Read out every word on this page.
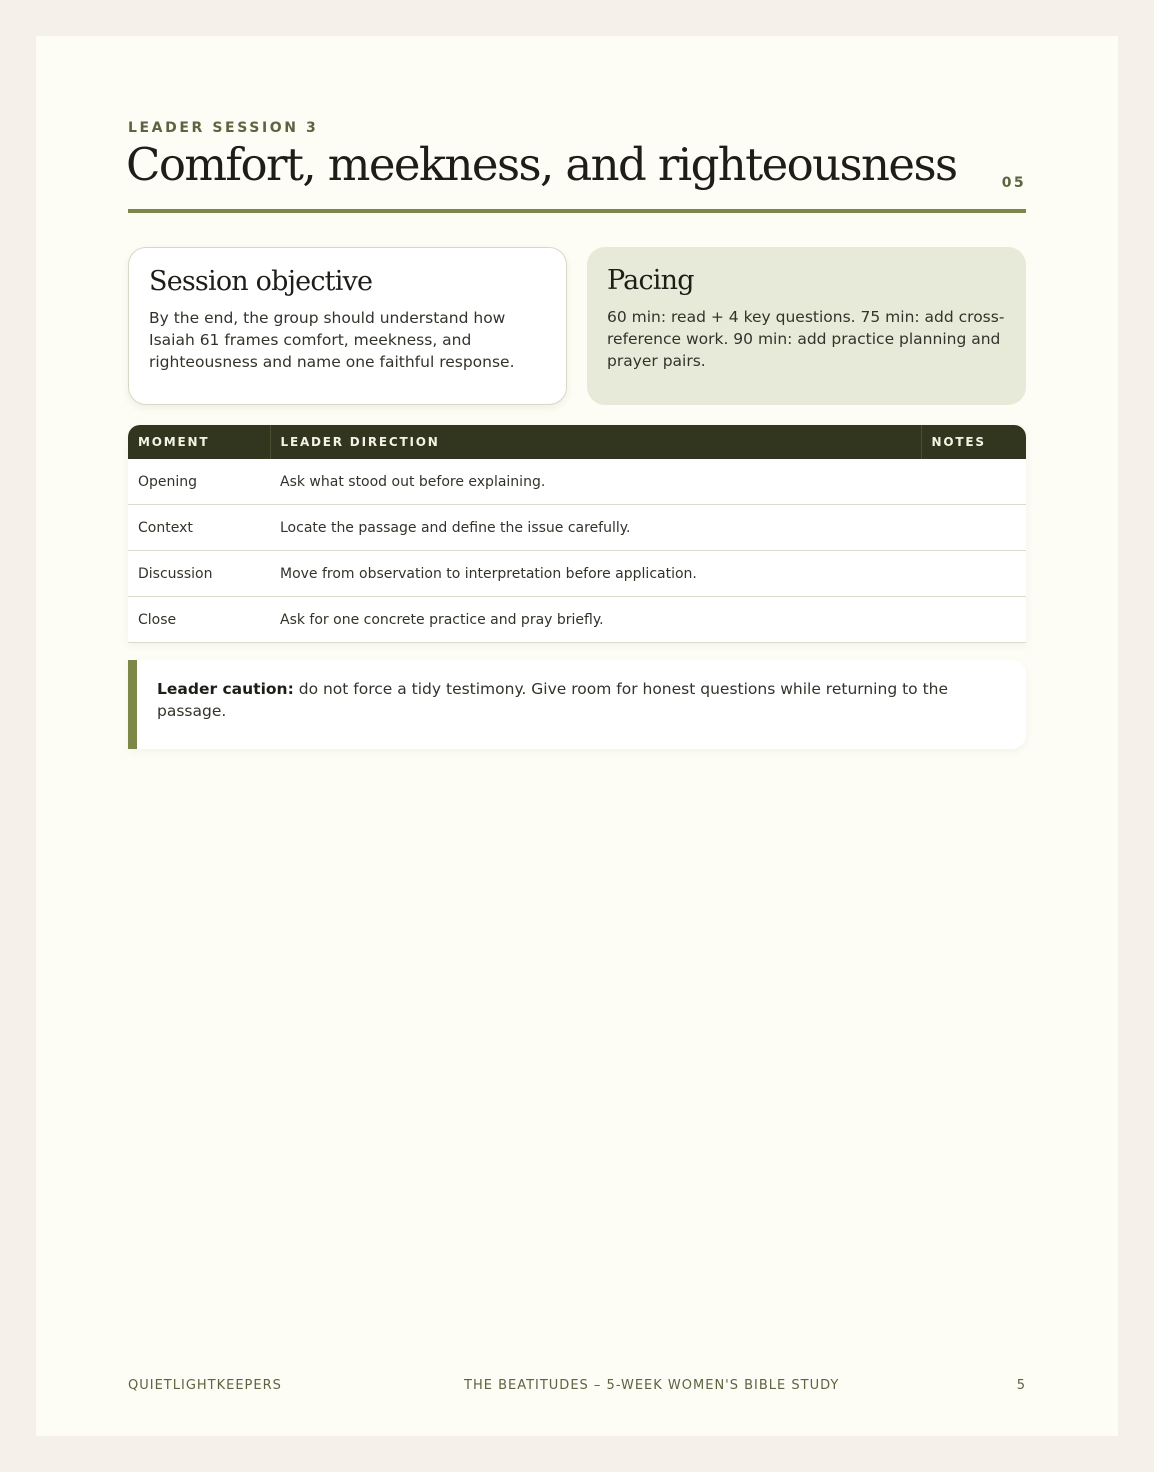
LEADER SESSION 3
Comfort, meekness, and righteousness	05
Session objective

By the end, the group should understand how Isaiah 61 frames comfort, meekness, and righteousness and name one faithful response.

Pacing

60 min: read + 4 key questions. 75 min: add cross-reference work. 90 min: add practice planning and prayer pairs.

MOMENT	LEADER DIRECTION	NOTES
Opening	Ask what stood out before explaining.	
Context	Locate the passage and define the issue carefully.	
Discussion	Move from observation to interpretation before application.	
Close	Ask for one concrete practice and pray briefly.	

Leader caution: do not force a tidy testimony. Give room for honest questions while returning to the passage.

QUIETLIGHTKEEPERS	THE BEATITUDES – 5-WEEK WOMEN'S BIBLE STUDY	5
